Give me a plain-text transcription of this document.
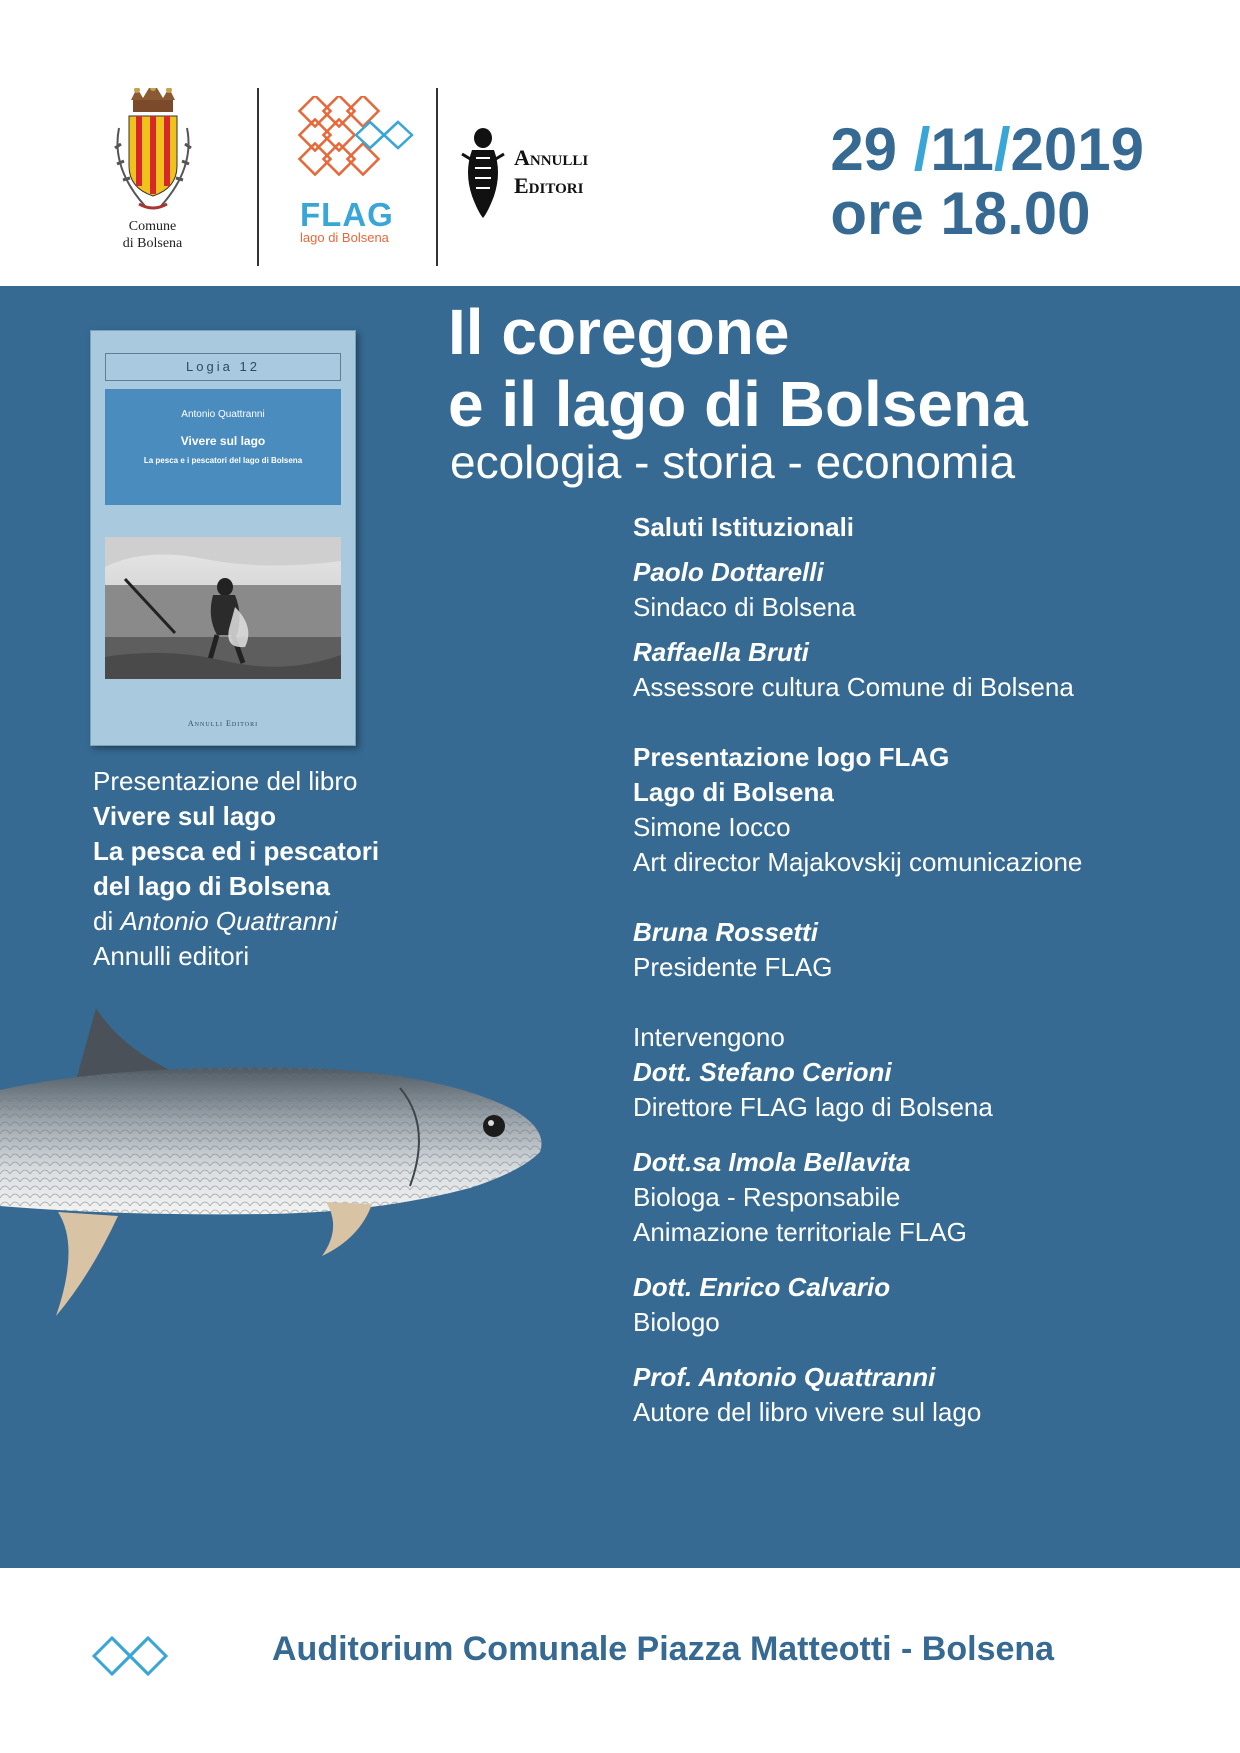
Comune
di Bolsena
FLAG
lago di Bolsena
Annulli
Editori
29 /11/2019
ore 18.00
Logia 12
Antonio Quattranni
Vivere sul lago
La pesca e i pescatori del lago di Bolsena
Annulli Editori
Presentazione del libro
Vivere sul lago
La pesca ed i pescatori
del lago di Bolsena
di Antonio Quattranni
Annulli editori
Il coregone
e il lago di Bolsena
ecologia - storia - economia
Saluti Istituzionali
Paolo Dottarelli
Sindaco di Bolsena
Raffaella Bruti
Assessore cultura Comune di Bolsena
Presentazione logo FLAG
Lago di Bolsena
Simone Iocco
Art director Majakovskij comunicazione
Bruna Rossetti
Presidente FLAG
Intervengono
Dott. Stefano Cerioni
Direttore FLAG lago di Bolsena
Dott.sa Imola Bellavita
Biologa - Responsabile
Animazione territoriale FLAG
Dott. Enrico Calvario
Biologo
Prof. Antonio Quattranni
Autore del libro vivere sul lago
Auditorium Comunale Piazza Matteotti - Bolsena
